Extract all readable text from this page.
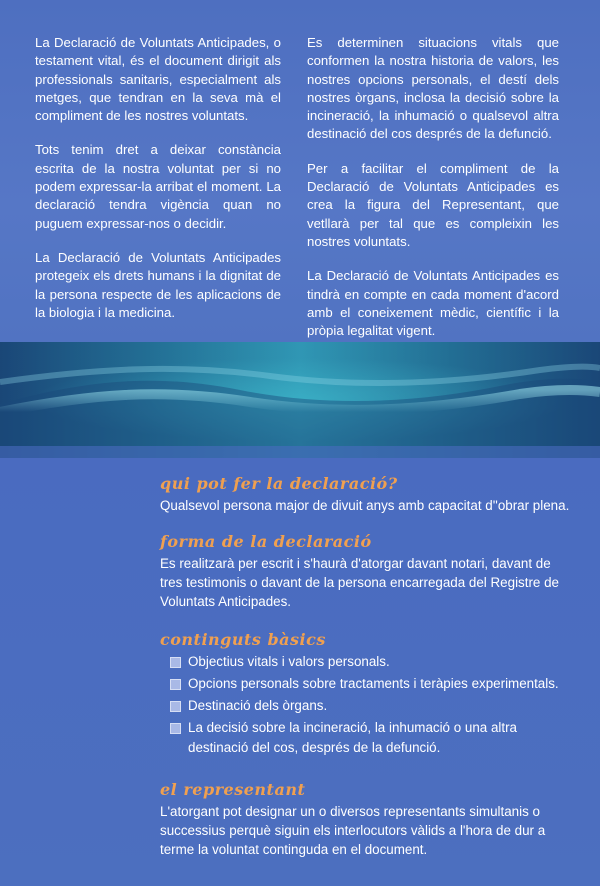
La Declaració de Voluntats Anticipades, o testament vital, és el document dirigit als professionals sanitaris, especialment als metges, que tendran en la seva mà el compliment de les nostres voluntats.

Tots tenim dret a deixar constància escrita de la nostra voluntat per si no podem expressar-la arribat el moment. La declaració tendra vigència quan no puguem expressar-nos o decidir.

La Declaració de Voluntats Anticipades protegeix els drets humans i la dignitat de la persona respecte de les aplicacions de la biologia i la medicina.

Es determinen situacions vitals que conformen la nostra historia de valors, les nostres opcions personals, el destí dels nostres òrgans, inclosa la decisió sobre la incineració, la inhumació o qualsevol altra destinació del cos després de la defunció.

Per a facilitar el compliment de la Declaració de Voluntats Anticipades es crea la figura del Representant, que vetllarà per tal que es compleixin les nostres voluntats.

La Declaració de Voluntats Anticipades es tindrà en compte en cada moment d'acord amb el coneixement mèdic, científic i la pròpia legalitat vigent.

qui pot fer la declaració?

Qualsevol persona major de divuit anys amb capacitat d''obrar plena.

forma de la declaració

Es realitzarà per escrit i s'haurà d'atorgar davant notari, davant de tres testimonis o davant de la persona encarregada del Registre de Voluntats Anticipades.

continguts bàsics
Objectius vitals i valors personals.
Opcions personals sobre tractaments i teràpies experimentals.
Destinació dels òrgans.
La decisió sobre la incineració, la inhumació o una altra destinació del cos, després de la defunció.
el representant

L'atorgant pot designar un o diversos representants simultanis o successius perquè siguin els interlocutors vàlids a l'hora de dur a terme la voluntat continguda en el document.
